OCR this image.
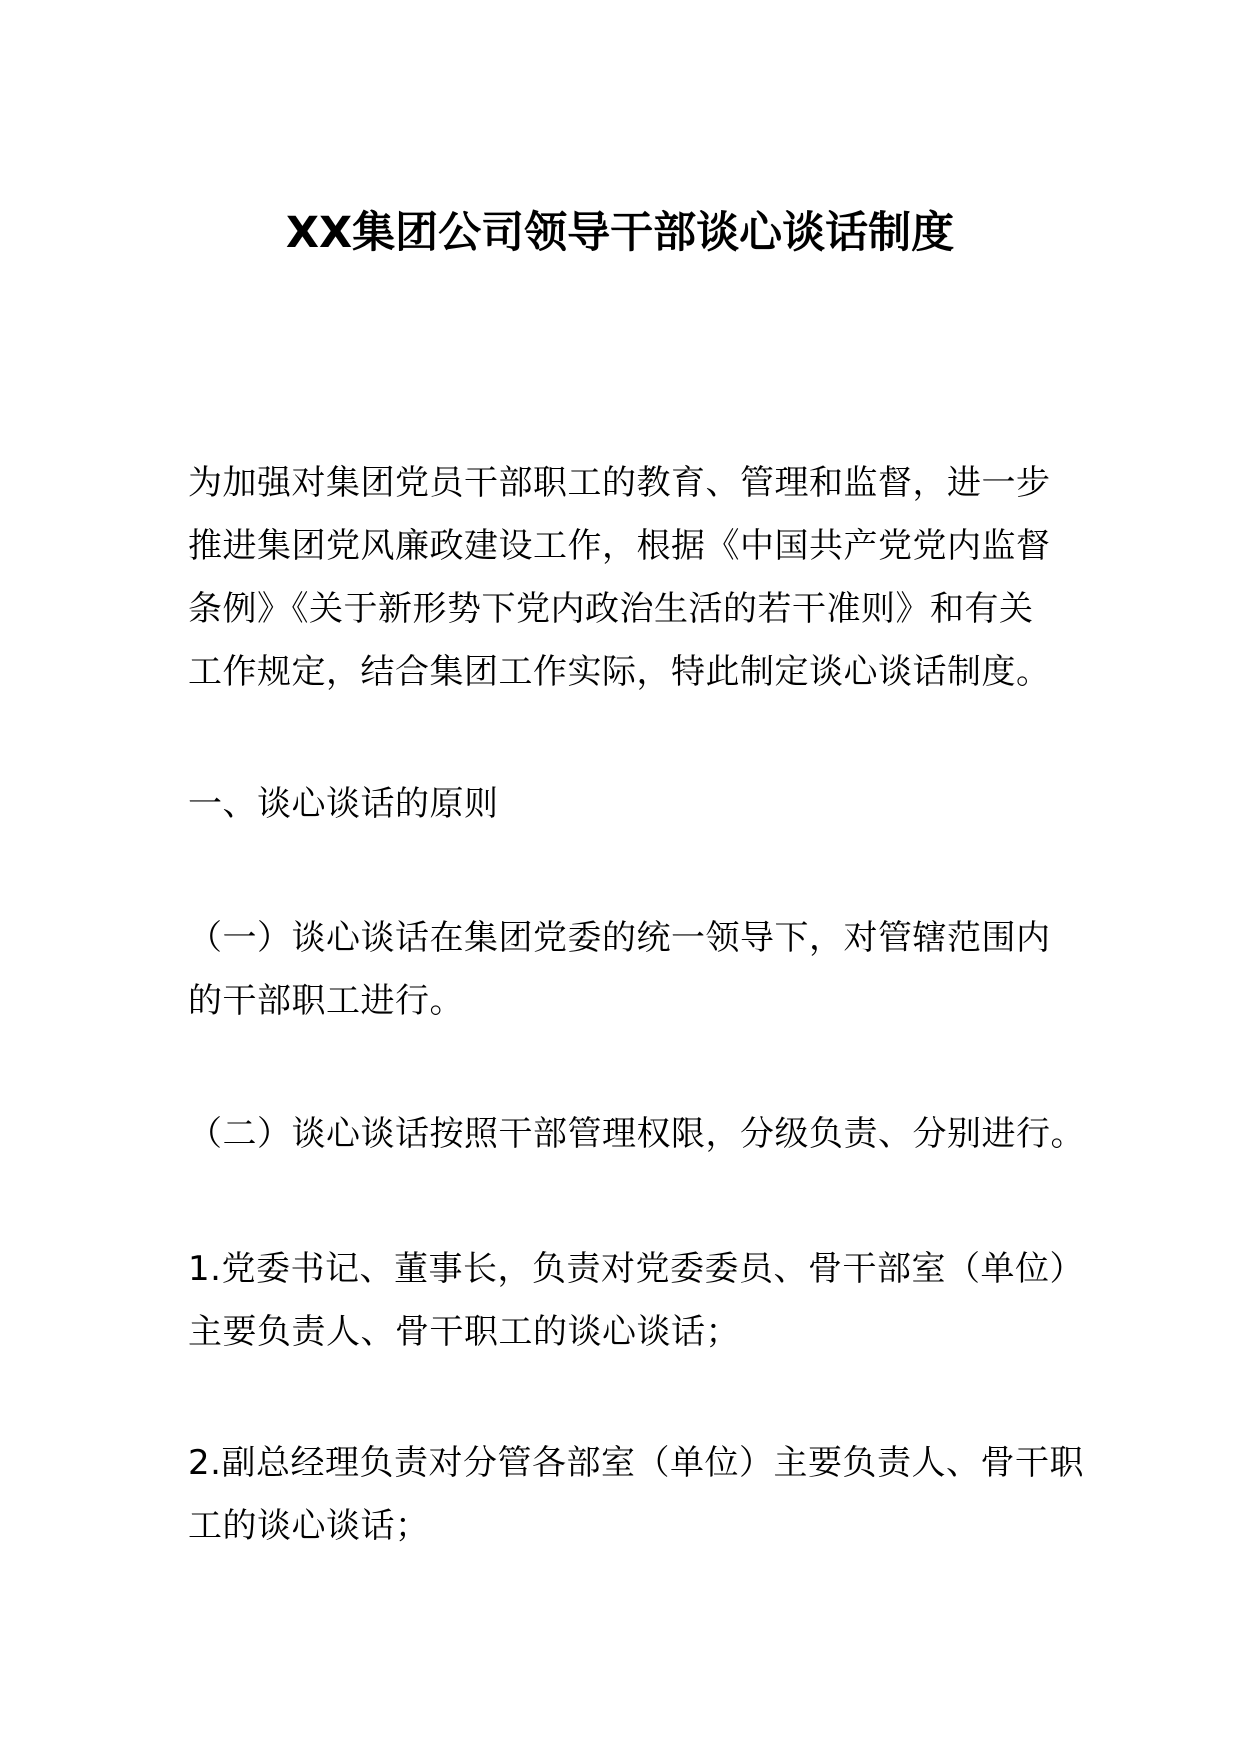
XX集团公司领导干部谈心谈话制度
为加强对集团党员干部职工的教育、管理和监督，进一步
推进集团党风廉政建设工作，根据《中国共产党党内监督
条例》《关于新形势下党内政治生活的若干准则》和有关
工作规定，结合集团工作实际，特此制定谈心谈话制度。
一、谈心谈话的原则
（一）谈心谈话在集团党委的统一领导下，对管辖范围内
的干部职工进行。
（二）谈心谈话按照干部管理权限，分级负责、分别进行。
1.党委书记、董事长，负责对党委委员、骨干部室（单位）
主要负责人、骨干职工的谈心谈话；
2.副总经理负责对分管各部室（单位）主要负责人、骨干职
工的谈心谈话；
